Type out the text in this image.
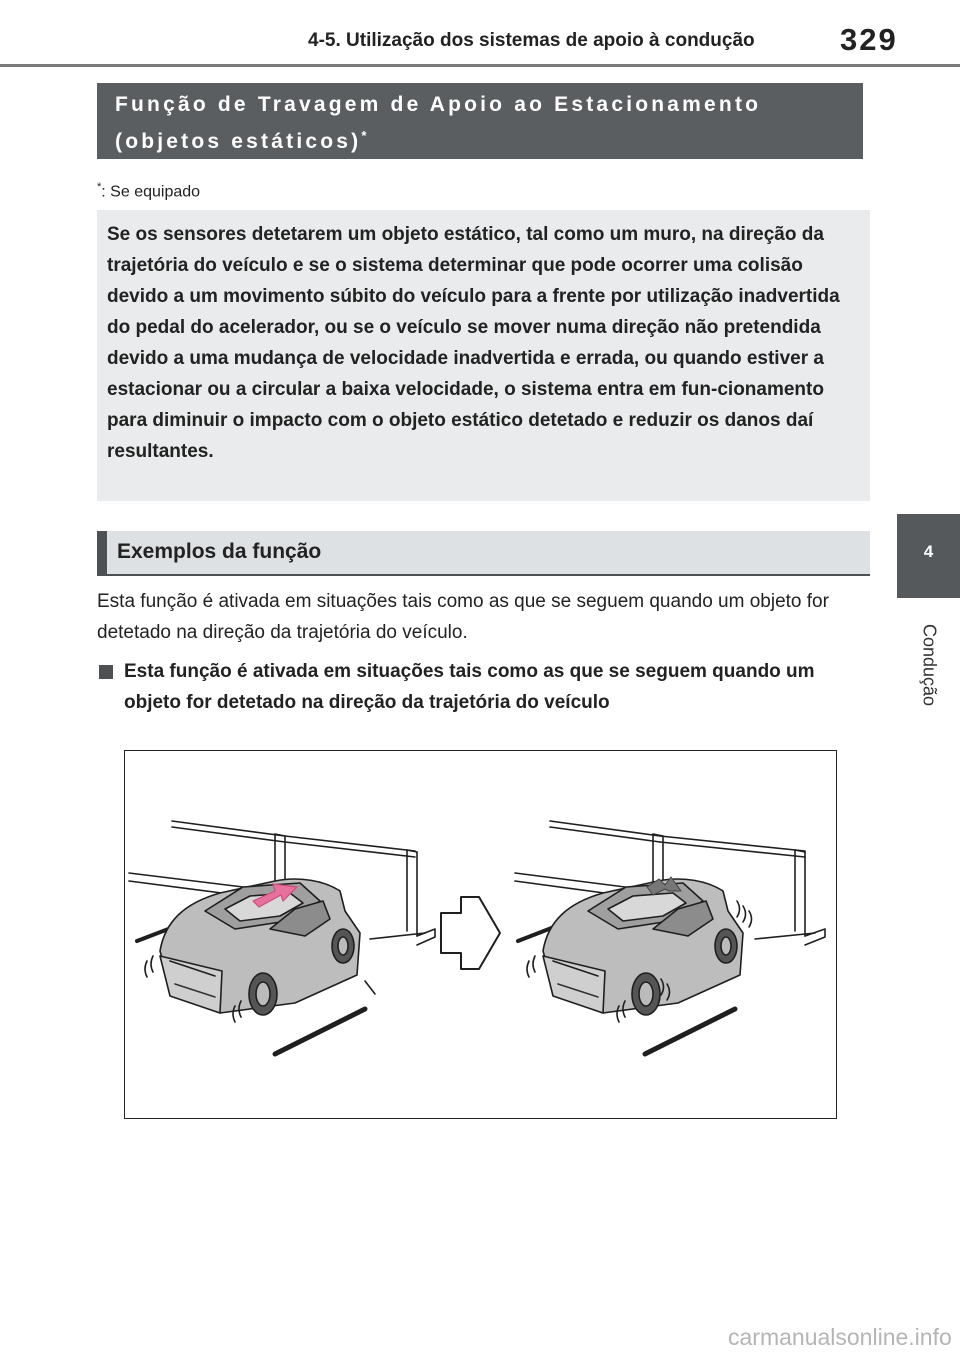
4-5. Utilização dos sistemas de apoio à condução	329
4
Condução
Função de Travagem de Apoio ao Estacionamento
(objetos estáticos)*
*: Se equipado

Se os sensores detetarem um objeto estático, tal como um muro, na direção da trajetória do veículo e se o sistema determinar que pode ocorrer uma colisão devido a um movimento súbito do veículo para a frente por utilização inadvertida do pedal do acelerador, ou se o veículo se mover numa direção não pretendida devido a uma mudança de velocidade inadvertida e errada, ou quando estiver a estacionar ou a circular a baixa velocidade, o sistema entra em fun-cionamento para diminuir o impacto com o objeto estático detetado e reduzir os danos daí resultantes.

Exemplos da função
Esta função é ativada em situações tais como as que se seguem quando um objeto for detetado na direção da trajetória do veículo.
Esta função é ativada em situações tais como as que se seguem quando um objeto for detetado na direção da trajetória do veículo
carmanualsonline.info
